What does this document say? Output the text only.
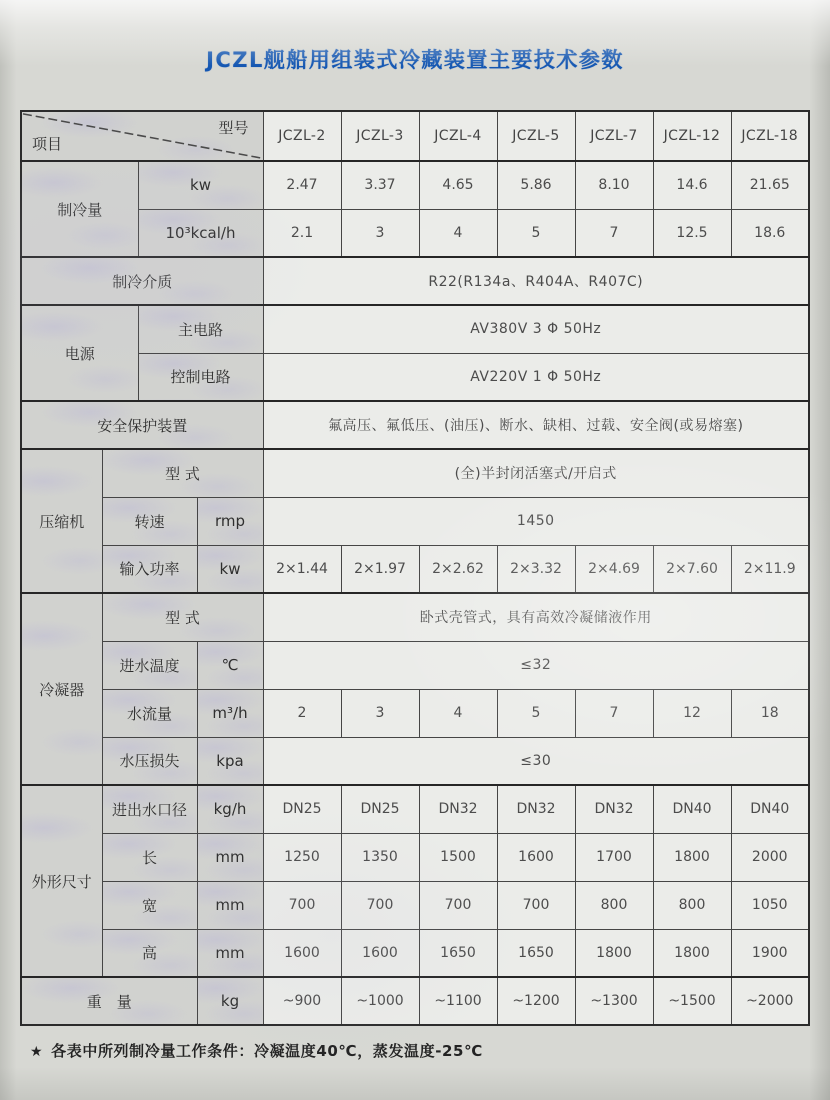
JCZL舰船用组装式冷藏装置主要技术参数
项目
型号				JCZL-2	JCZL-3	JCZL-4	JCZL-5	JCZL-7	JCZL-12	JCZL-18
制冷量		kw		2.47	3.37	4.65	5.86	8.10	14.6	21.65
		10³kcal/h		2.1	3	4	5	7	12.5	18.6
制冷介质				R22(R134a、R404A、R407C)						
电源		主电路		AV380V 3 Φ 50Hz						
		控制电路		AV220V 1 Φ 50Hz						
安全保护装置				氟高压、氟低压、(油压)、断水、缺相、过载、安全阀(或易熔塞)						
压缩机	型 式			(全)半封闭活塞式/开启式						
	转速		rmp	1450						
	输入功率		kw	2×1.44	2×1.97	2×2.62	2×3.32	2×4.69	2×7.60	2×11.9
冷凝器	型 式			卧式壳管式，具有高效冷凝储液作用						
	进水温度		℃	≤32						
	水流量		m³/h	2	3	4	5	7	12	18
	水压损失		kpa	≤30						
外形尺寸	进出水口径		kg/h	DN25	DN25	DN32	DN32	DN32	DN40	DN40
	长		mm	1250	1350	1500	1600	1700	1800	2000
	宽		mm	700	700	700	700	800	800	1050
	高		mm	1600	1600	1650	1650	1800	1800	1900
重　量			kg	~900	~1000	~1100	~1200	~1300	~1500	~2000
★ 各表中所列制冷量工作条件：冷凝温度40℃，蒸发温度-25℃
